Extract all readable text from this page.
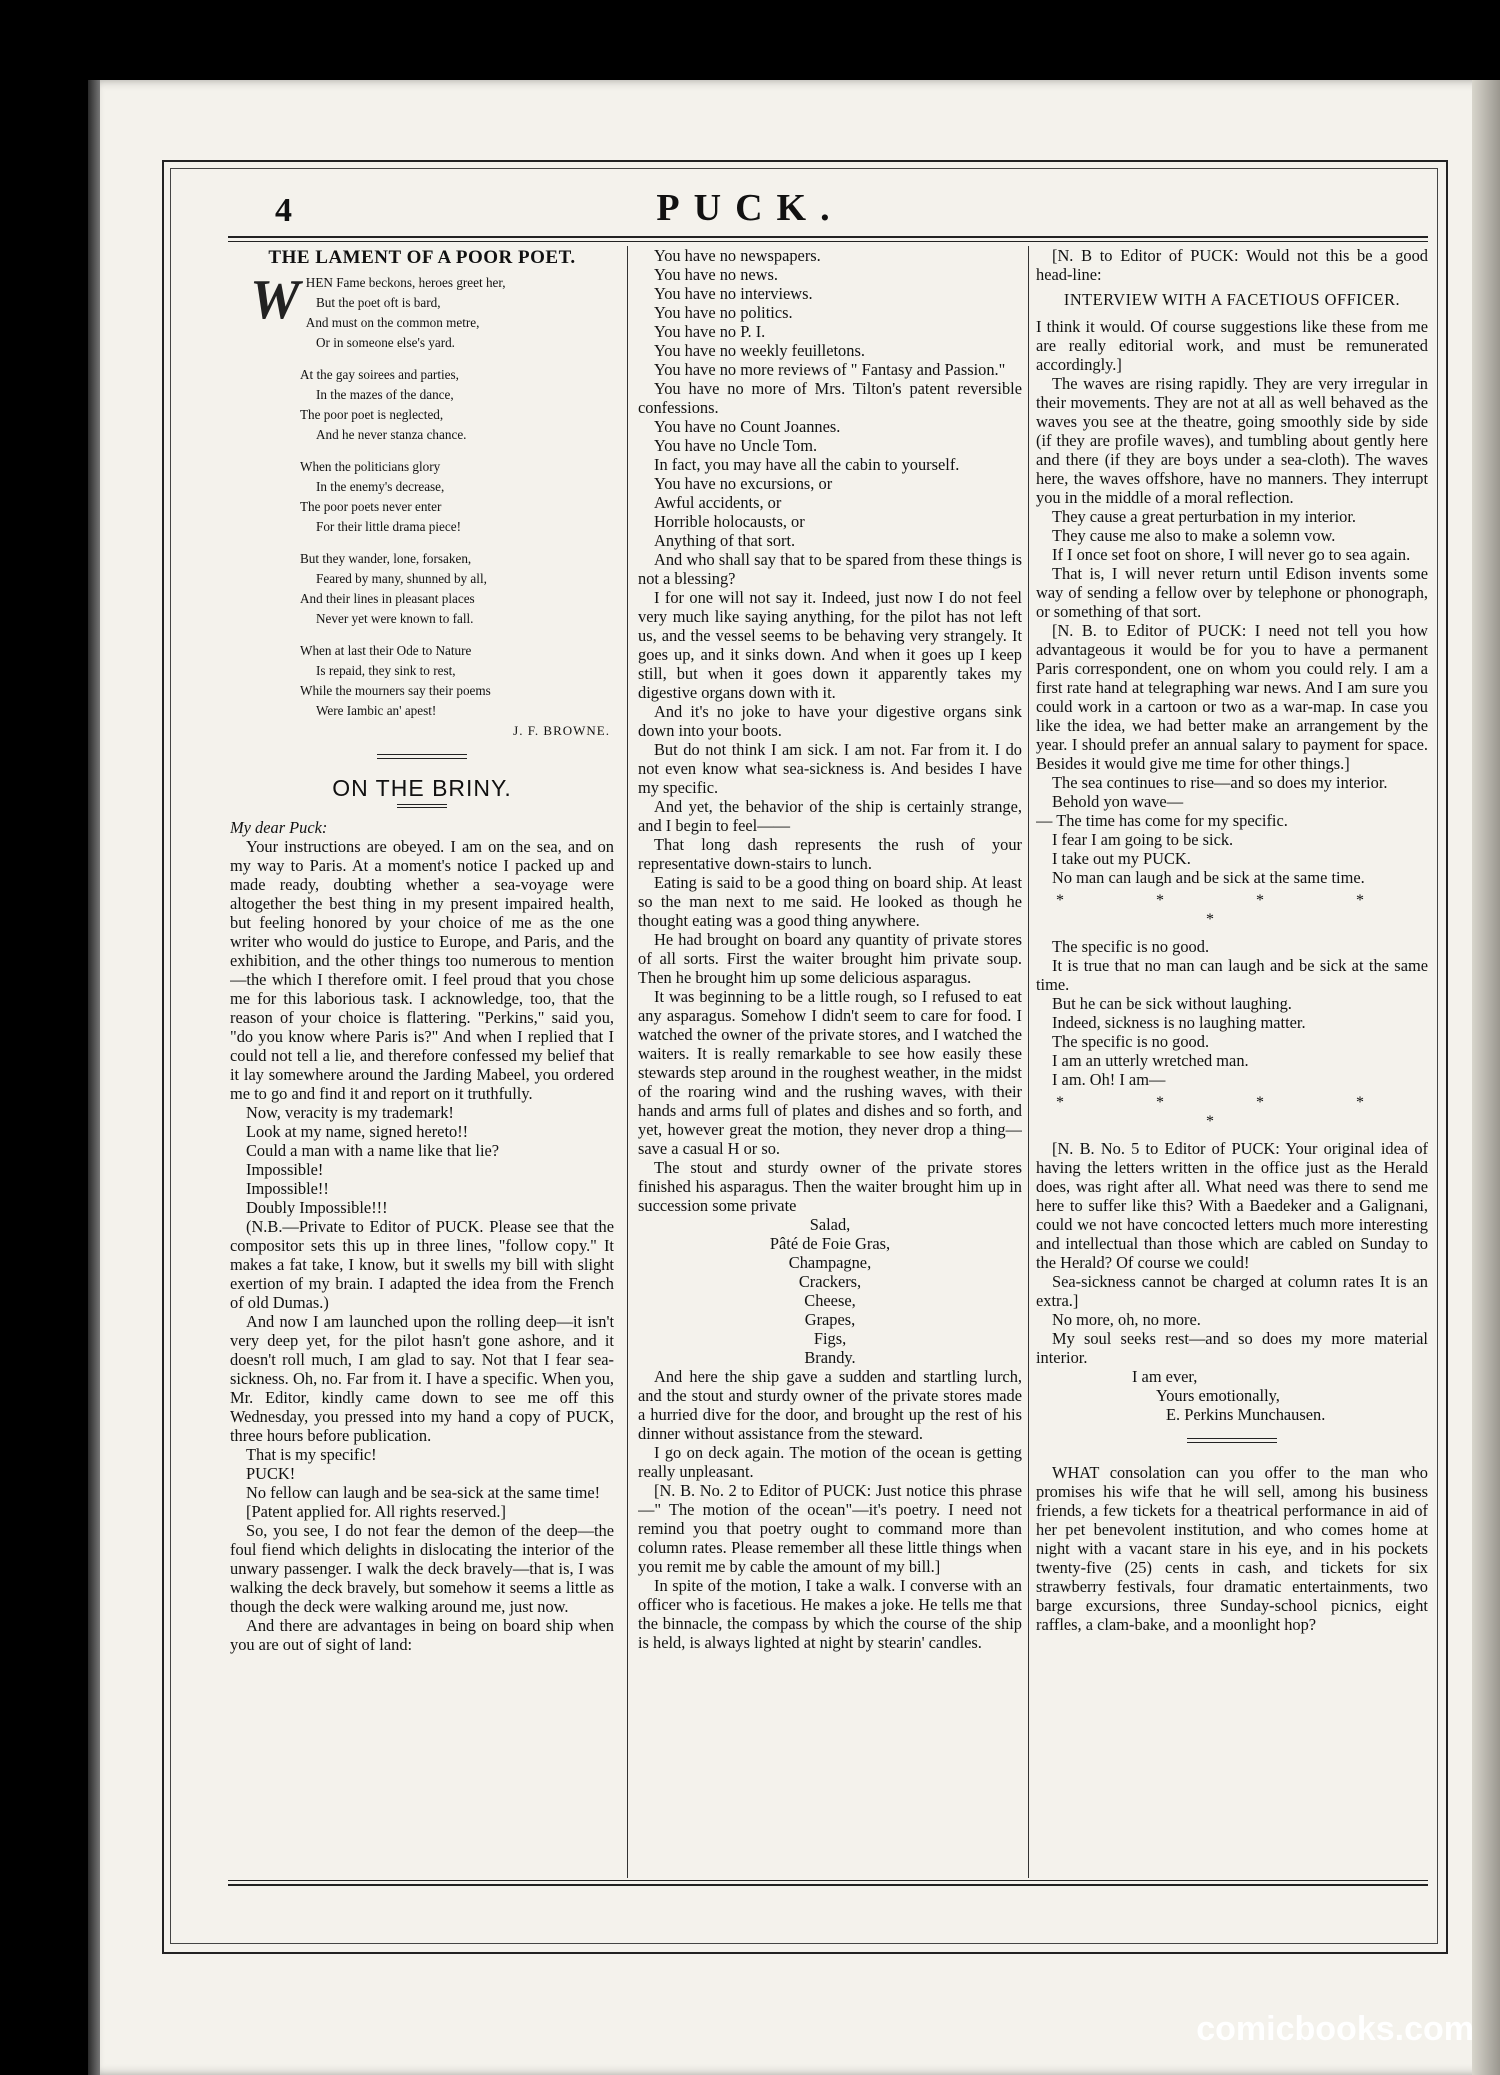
4	PUCK.
THE LAMENT OF A POOR POET.
W HEN Fame beckons, heroes greet her,
But the poet oft is bard,
And must on the common metre,
Or in someone else's yard.
At the gay soirees and parties,
In the mazes of the dance,
The poor poet is neglected,
And he never stanza chance.
When the politicians glory
In the enemy's decrease,
The poor poets never enter
For their little drama piece!
But they wander, lone, forsaken,
Feared by many, shunned by all,
And their lines in pleasant places
Never yet were known to fall.
When at last their Ode to Nature
Is repaid, they sink to rest,
While the mourners say their poems
Were Iambic an' apest!
J. F. BROWNE.
ON THE BRINY.

My dear Puck:

Your instructions are obeyed. I am on the sea, and on my way to Paris. At a moment's notice I packed up and made ready, doubting whether a sea-voyage were altogether the best thing in my present impaired health, but feeling honored by your choice of me as the one writer who would do justice to Europe, and Paris, and the exhibition, and the other things too numerous to mention—the which I therefore omit. I feel proud that you chose me for this laborious task. I acknowledge, too, that the reason of your choice is flattering. "Perkins," said you, "do you know where Paris is?" And when I replied that I could not tell a lie, and therefore confessed my belief that it lay somewhere around the Jarding Mabeel, you ordered me to go and find it and report on it truthfully.

Now, veracity is my trademark!
Look at my name, signed hereto!!
Could a man with a name like that lie?
Impossible!
Impossible!!
Doubly Impossible!!!

(N.B.—Private to Editor of PUCK. Please see that the compositor sets this up in three lines, "follow copy." It makes a fat take, I know, but it swells my bill with slight exertion of my brain. I adapted the idea from the French of old Dumas.)

And now I am launched upon the rolling deep—it isn't very deep yet, for the pilot hasn't gone ashore, and it doesn't roll much, I am glad to say. Not that I fear sea-sickness. Oh, no. Far from it. I have a specific. When you, Mr. Editor, kindly came down to see me off this Wednesday, you pressed into my hand a copy of PUCK, three hours before publication.

That is my specific!

PUCK!

No fellow can laugh and be sea-sick at the same time!

[Patent applied for. All rights reserved.]

So, you see, I do not fear the demon of the deep—the foul fiend which delights in dislocating the interior of the unwary passenger. I walk the deck bravely—that is, I was walking the deck bravely, but somehow it seems a little as though the deck were walking around me, just now.

And there are advantages in being on board ship when you are out of sight of land:

You have no newspapers.
You have no news.
You have no interviews.
You have no politics.
You have no P. I.
You have no weekly feuilletons.

You have no more reviews of " Fantasy and Passion."

You have no more of Mrs. Tilton's patent reversible confessions.

You have no Count Joannes.
You have no Uncle Tom.

In fact, you may have all the cabin to yourself.

You have no excursions, or
Awful accidents, or
Horrible holocausts, or
Anything of that sort.

And who shall say that to be spared from these things is not a blessing?

I for one will not say it. Indeed, just now I do not feel very much like saying anything, for the pilot has not left us, and the vessel seems to be behaving very strangely. It goes up, and it sinks down. And when it goes up I keep still, but when it goes down it apparently takes my digestive organs down with it.

And it's no joke to have your digestive organs sink down into your boots.

But do not think I am sick. I am not. Far from it. I do not even know what sea-sickness is. And besides I have my specific.

And yet, the behavior of the ship is certainly strange, and I begin to feel——

That long dash represents the rush of your representative down-stairs to lunch.

Eating is said to be a good thing on board ship. At least so the man next to me said. He looked as though he thought eating was a good thing anywhere.

He had brought on board any quantity of private stores of all sorts. First the waiter brought him private soup. Then he brought him up some delicious asparagus.

It was beginning to be a little rough, so I refused to eat any asparagus. Somehow I didn't seem to care for food. I watched the owner of the private stores, and I watched the waiters. It is really remarkable to see how easily these stewards step around in the roughest weather, in the midst of the roaring wind and the rushing waves, with their hands and arms full of plates and dishes and so forth, and yet, however great the motion, they never drop a thing—save a casual H or so.

The stout and sturdy owner of the private stores finished his asparagus. Then the waiter brought him up in succession some private

Salad,
Pâté de Foie Gras,
Champagne,
Crackers,
Cheese,
Grapes,
Figs,
Brandy.

And here the ship gave a sudden and startling lurch, and the stout and sturdy owner of the private stores made a hurried dive for the door, and brought up the rest of his dinner without assistance from the steward.

I go on deck again. The motion of the ocean is getting really unpleasant.

[N. B. No. 2 to Editor of PUCK: Just notice this phrase—" The motion of the ocean"—it's poetry. I need not remind you that poetry ought to command more than column rates. Please remember all these little things when you remit me by cable the amount of my bill.]

In spite of the motion, I take a walk. I converse with an officer who is facetious. He makes a joke. He tells me that the binnacle, the compass by which the course of the ship is held, is always lighted at night by stearin' candles.

[N. B to Editor of PUCK: Would not this be a good head-line:

INTERVIEW WITH A FACETIOUS OFFICER.

I think it would. Of course suggestions like these from me are really editorial work, and must be remunerated accordingly.]

The waves are rising rapidly. They are very irregular in their movements. They are not at all as well behaved as the waves you see at the theatre, going smoothly side by side (if they are profile waves), and tumbling about gently here and there (if they are boys under a sea-cloth). The waves here, the waves offshore, have no manners. They interrupt you in the middle of a moral reflection.

They cause a great perturbation in my interior.

They cause me also to make a solemn vow.

If I once set foot on shore, I will never go to sea again.

That is, I will never return until Edison invents some way of sending a fellow over by telephone or phonograph, or something of that sort.

[N. B. to Editor of PUCK: I need not tell you how advantageous it would be for you to have a permanent Paris correspondent, one on whom you could rely. I am a first rate hand at telegraphing war news. And I am sure you could work in a cartoon or two as a war-map. In case you like the idea, we had better make an arrangement by the year. I should prefer an annual salary to payment for space. Besides it would give me time for other things.]

The sea continues to rise—and so does my interior.

Behold yon wave—

— The time has come for my specific.

I fear I am going to be sick.
I take out my PUCK.

No man can laugh and be sick at the same time.

* * * * *

The specific is no good.

It is true that no man can laugh and be sick at the same time.

But he can be sick without laughing.
Indeed, sickness is no laughing matter.
The specific is no good.
I am an utterly wretched man.
I am. Oh! I am—
* * * * *

[N. B. No. 5 to Editor of PUCK: Your original idea of having the letters written in the office just as the Herald does, was right after all. What need was there to send me here to suffer like this? With a Baedeker and a Galignani, could we not have concocted letters much more interesting and intellectual than those which are cabled on Sunday to the Herald? Of course we could!

Sea-sickness cannot be charged at column rates It is an extra.]

No more, oh, no more.

My soul seeks rest—and so does my more material interior.

I am ever,
Yours emotionally,
E. Perkins Munchausen.

WHAT consolation can you offer to the man who promises his wife that he will sell, among his business friends, a few tickets for a theatrical performance in aid of her pet benevolent institution, and who comes home at night with a vacant stare in his eye, and in his pockets twenty-five (25) cents in cash, and tickets for six strawberry festivals, four dramatic entertainments, two barge excursions, three Sunday-school picnics, eight raffles, a clam-bake, and a moonlight hop?

comicbooks.com
